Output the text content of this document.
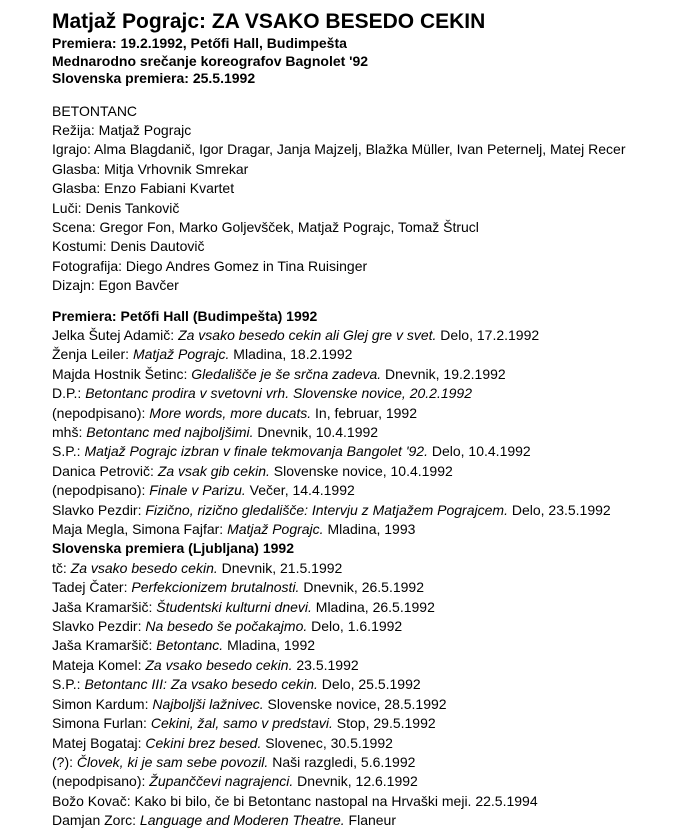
Matjaž Pograjc: ZA VSAKO BESEDO CEKIN
Premiera: 19.2.1992, Petőfi Hall, Budimpešta
Mednarodno srečanje koreografov Bagnolet '92
Slovenska premiera: 25.5.1992
BETONTANC
Režija: Matjaž Pograjc
Igrajo: Alma Blagdanič, Igor Dragar, Janja Majzelj, Blažka Müller, Ivan Peternelj, Matej Recer
Glasba: Mitja Vrhovnik Smrekar
Glasba: Enzo Fabiani Kvartet
Luči: Denis Tankovič
Scena: Gregor Fon, Marko Goljevšček, Matjaž Pograjc, Tomaž Štrucl
Kostumi: Denis Dautovič
Fotografija: Diego Andres Gomez in Tina Ruisinger
Dizajn: Egon Bavčer
Premiera: Petőfi Hall (Budimpešta) 1992
Jelka Šutej Adamič: Za vsako besedo cekin ali Glej gre v svet. Delo, 17.2.1992
Ženja Leiler: Matjaž Pograjc. Mladina, 18.2.1992
Majda Hostnik Šetinc: Gledališče je še srčna zadeva. Dnevnik, 19.2.1992
D.P.: Betontanc prodira v svetovni vrh. Slovenske novice, 20.2.1992
(nepodpisano): More words, more ducats. In, februar, 1992
mhš: Betontanc med najboljšimi. Dnevnik, 10.4.1992
S.P.: Matjaž Pograjc izbran v finale tekmovanja Bangolet '92. Delo, 10.4.1992
Danica Petrovič: Za vsak gib cekin. Slovenske novice, 10.4.1992
(nepodpisano): Finale v Parizu. Večer, 14.4.1992
Slavko Pezdir: Fizično, rizično gledališče: Intervju z Matjažem Pograjcem. Delo, 23.5.1992
Maja Megla, Simona Fajfar: Matjaž Pograjc. Mladina, 1993
Slovenska premiera (Ljubljana) 1992
tč: Za vsako besedo cekin. Dnevnik, 21.5.1992
Tadej Čater: Perfekcionizem brutalnosti. Dnevnik, 26.5.1992
Jaša Kramaršič: Študentski kulturni dnevi. Mladina, 26.5.1992
Slavko Pezdir: Na besedo še počakajmo. Delo, 1.6.1992
Jaša Kramaršič: Betontanc. Mladina, 1992
Mateja Komel: Za vsako besedo cekin. 23.5.1992
S.P.: Betontanc III: Za vsako besedo cekin. Delo, 25.5.1992
Simon Kardum: Najboljši lažnivec. Slovenske novice, 28.5.1992
Simona Furlan: Cekini, žal, samo v predstavi. Stop, 29.5.1992
Matej Bogataj: Cekini brez besed. Slovenec, 30.5.1992
(?): Človek, ki je sam sebe povozil. Naši razgledi, 5.6.1992
(nepodpisano): Županččevi nagrajenci. Dnevnik, 12.6.1992
Božo Kovač: Kako bi bilo, če bi Betontanc nastopal na Hrvaški meji. 22.5.1994
Damjan Zorc: Language and Moderen Theatre. Flaneur
